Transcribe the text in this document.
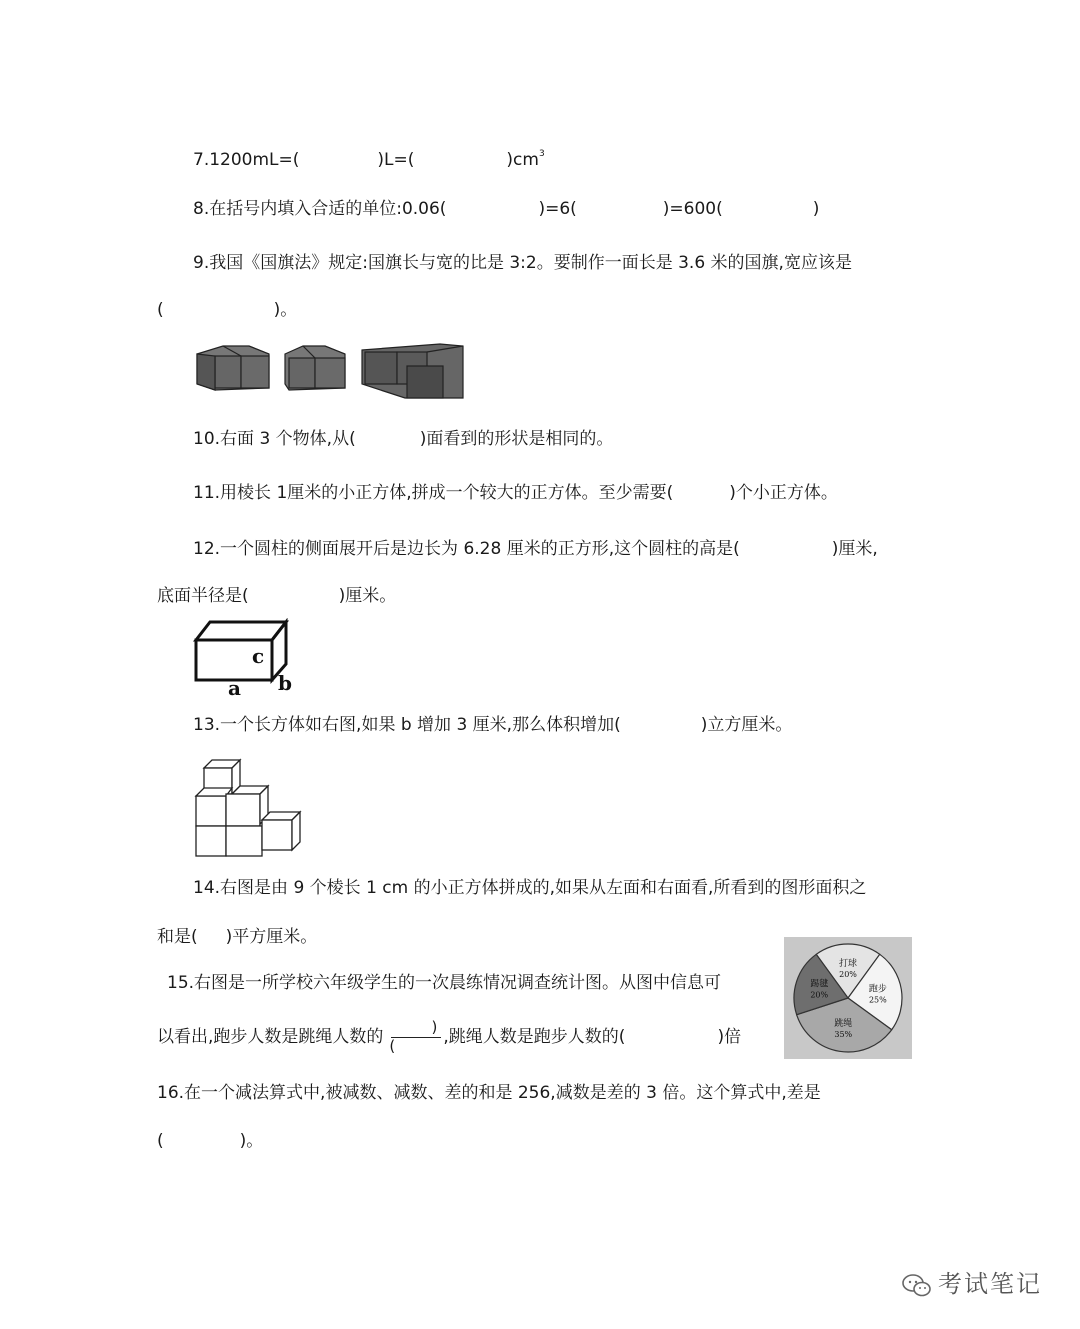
7.1200mL=(	)L=(	)$cm^3$
8.在括号内填入合适的单位:0.06(	)=6(	)=600(	)
9.我国《国旗法》规定:国旗长与宽的比是 3:2。要制作一面长是 3.6 米的国旗,宽应该是
(	)。
10.右面 3 个物体,从(	)面看到的形状是相同的。
11.用棱长 1厘米的小正方体,拼成一个较大的正方体。至少需要(	)个小正方体。
12.一个圆柱的侧面展开后是边长为 6.28 厘米的正方形,这个圆柱的高是(	)厘米,
底面半径是(	)厘米。
c
a b
13.一个长方体如右图,如果 b 增加 3 厘米,那么体积增加(	)立方厘米。
14.右图是由 9 个棱长 1 cm 的小正方体拼成的,如果从左面和右面看,所看到的图形面积之
和是( )平方厘米。
15.右图是一所学校六年级学生的一次晨练情况调查统计图。从图中信息可
以看出,跑步人数是跳绳人数的	)
(	,跳绳人数是跑步人数的(	)倍
打球
20%
跑步
25%
跳绳
35%
踢毽
20%
16.在一个减法算式中,被减数、减数、差的和是 256,减数是差的 3 倍。这个算式中,差是
(	)。
考试笔记
